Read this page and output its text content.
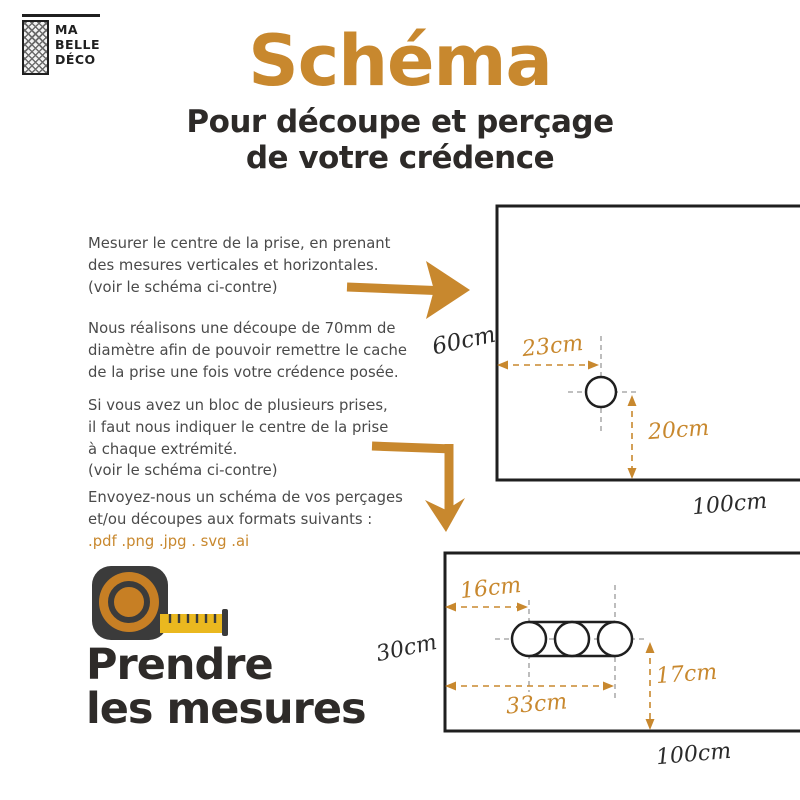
MA
BELLE
DÉCO	Schéma
Pour découpe et perçage
de votre crédence
Mesurer le centre de la prise, en prenant
des mesures verticales et horizontales.
(voir le schéma ci-contre)
Nous réalisons une découpe de 70mm de
diamètre afin de pouvoir remettre le cache
de la prise une fois votre crédence posée.
Si vous avez un bloc de plusieurs prises,
il faut nous indiquer le centre de la prise
à chaque extrémité.
(voir le schéma ci-contre)
Envoyez-nous un schéma de vos perçages
et/ou découpes aux formats suivants :
.pdf .png .jpg . svg .ai
60cm 23cm
20cm
100cm
30cm
16cm
33cm
17cm
100cm
Prendre
les mesures
